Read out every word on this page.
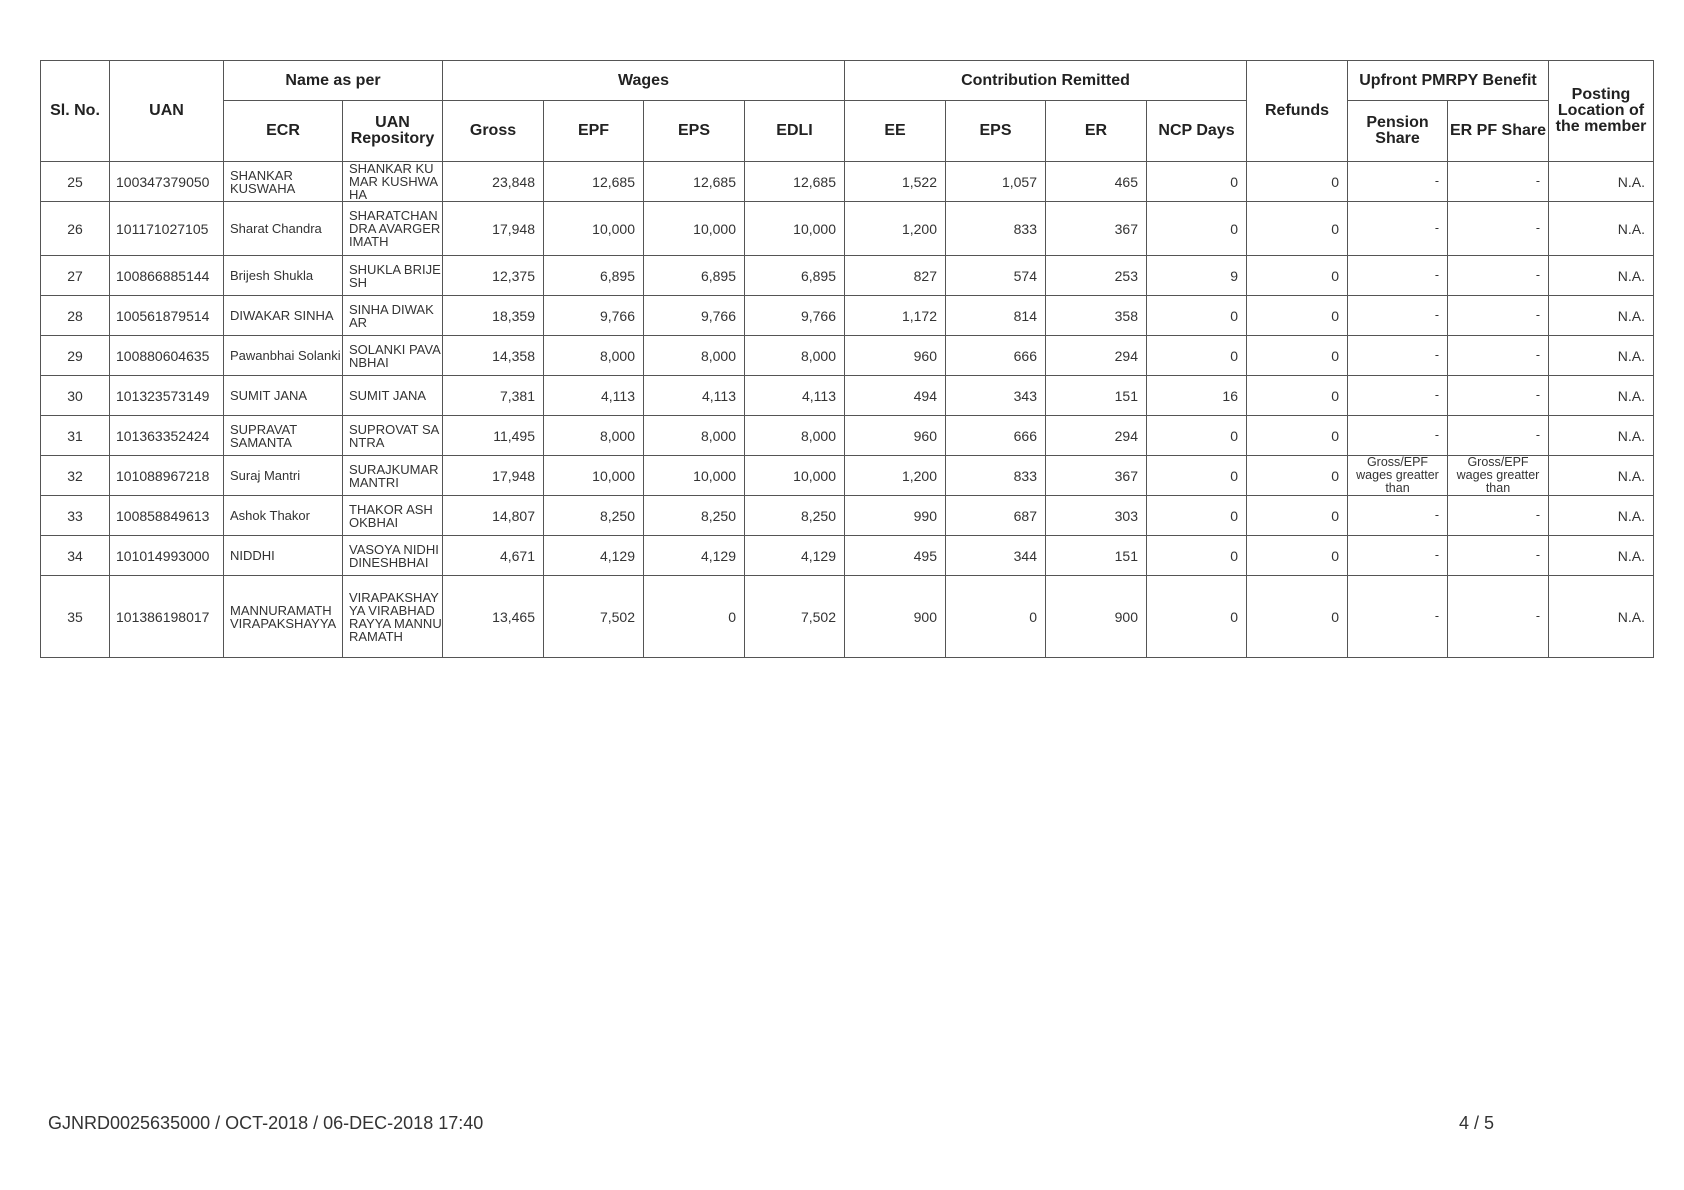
Sl. No.	UAN	Name as per		Wages				Contribution Remitted				Refunds	Upfront PMRPY Benefit		Posting Location of the member
		ECR	UAN Repository	Gross	EPF	EPS	EDLI	EE	EPS	ER	NCP Days		Pension Share	ER PF Share	
25	100347379050	SHANKAR KUSWAHA	SHANKAR KUMAR KUSHWAHA	23,848	12,685	12,685	12,685	1,522	1,057	465	0	0	-	-	N.A.
26	101171027105	Sharat Chandra	SHARATCHANDRA AVARGERIMATH	17,948	10,000	10,000	10,000	1,200	833	367	0	0	-	-	N.A.
27	100866885144	Brijesh Shukla	SHUKLA BRIJESH	12,375	6,895	6,895	6,895	827	574	253	9	0	-	-	N.A.
28	100561879514	DIWAKAR SINHA	SINHA DIWAKAR	18,359	9,766	9,766	9,766	1,172	814	358	0	0	-	-	N.A.
29	100880604635	Pawanbhai Solanki	SOLANKI PAVANBHAI	14,358	8,000	8,000	8,000	960	666	294	0	0	-	-	N.A.
30	101323573149	SUMIT JANA	SUMIT JANA	7,381	4,113	4,113	4,113	494	343	151	16	0	-	-	N.A.
31	101363352424	SUPRAVAT SAMANTA	SUPROVAT SANTRA	11,495	8,000	8,000	8,000	960	666	294	0	0	-	-	N.A.
32	101088967218	Suraj Mantri	SURAJKUMAR MANTRI	17,948	10,000	10,000	10,000	1,200	833	367	0	0	Gross/EPF wages greatter than	Gross/EPF wages greatter than	N.A.
33	100858849613	Ashok Thakor	THAKOR ASHOKBHAI	14,807	8,250	8,250	8,250	990	687	303	0	0	-	-	N.A.
34	101014993000	NIDDHI	VASOYA NIDHI DINESHBHAI	4,671	4,129	4,129	4,129	495	344	151	0	0	-	-	N.A.
35	101386198017	MANNURAMATH VIRAPAKSHAYYA	VIRAPAKSHAYYA VIRABHADRAYYA MANNURAMATH	13,465	7,502	0	7,502	900	0	900	0	0	-	-	N.A.
GJNRD0025635000 / OCT-2018 / 06-DEC-2018 17:40	4 / 5
